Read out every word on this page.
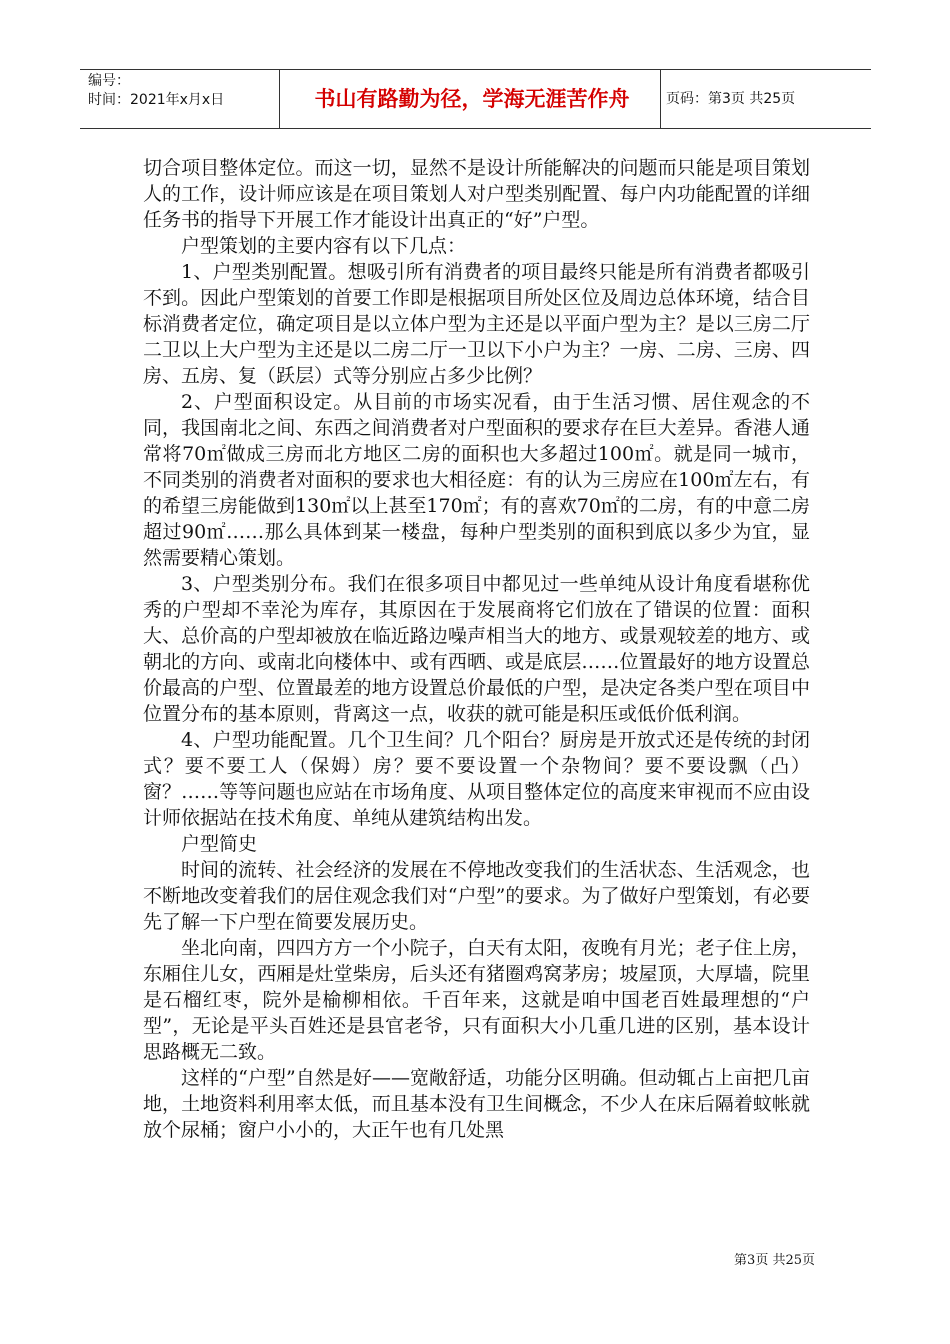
编号：
时间：2021年x月x日	书山有路勤为径，学海无涯苦作舟	页码：第3页 共25页

切合项目整体定位。而这一切，显然不是设计所能解决的问题而只能是项目策划人的工作，设计师应该是在项目策划人对户型类别配置、每户内功能配置的详细任务书的指导下开展工作才能设计出真正的“好”户型。

户型策划的主要内容有以下几点：

1、户型类别配置。想吸引所有消费者的项目最终只能是所有消费者都吸引不到。因此户型策划的首要工作即是根据项目所处区位及周边总体环境，结合目标消费者定位，确定项目是以立体户型为主还是以平面户型为主？是以三房二厅二卫以上大户型为主还是以二房二厅一卫以下小户为主？一房、二房、三房、四房、五房、复（跃层）式等分别应占多少比例？

2、户型面积设定。从目前的市场实况看，由于生活习惯、居住观念的不同，我国南北之间、东西之间消费者对户型面积的要求存在巨大差异。香港人通常将70㎡做成三房而北方地区二房的面积也大多超过100㎡。就是同一城市，不同类别的消费者对面积的要求也大相径庭：有的认为三房应在100㎡左右，有的希望三房能做到130㎡以上甚至170㎡；有的喜欢70㎡的二房，有的中意二房超过90㎡……那么具体到某一楼盘，每种户型类别的面积到底以多少为宜，显然需要精心策划。

3、户型类别分布。我们在很多项目中都见过一些单纯从设计角度看堪称优秀的户型却不幸沦为库存，其原因在于发展商将它们放在了错误的位置：面积大、总价高的户型却被放在临近路边噪声相当大的地方、或景观较差的地方、或朝北的方向、或南北向楼体中、或有西晒、或是底层……位置最好的地方设置总价最高的户型、位置最差的地方设置总价最低的户型，是决定各类户型在项目中位置分布的基本原则，背离这一点，收获的就可能是积压或低价低利润。

4、户型功能配置。几个卫生间？几个阳台？厨房是开放式还是传统的封闭式？要不要工人（保姆）房？要不要设置一个杂物间？要不要设飘（凸）窗？……等等问题也应站在市场角度、从项目整体定位的高度来审视而不应由设计师依据站在技术角度、单纯从建筑结构出发。

户型简史

时间的流转、社会经济的发展在不停地改变我们的生活状态、生活观念，也不断地改变着我们的居住观念我们对“户型”的要求。为了做好户型策划，有必要先了解一下户型在简要发展历史。

坐北向南，四四方方一个小院子，白天有太阳，夜晚有月光；老子住上房，东厢住儿女，西厢是灶堂柴房，后头还有猪圈鸡窝茅房；坡屋顶，大厚墙，院里是石榴红枣，院外是榆柳相依。千百年来，这就是咱中国老百姓最理想的“户型”，无论是平头百姓还是县官老爷，只有面积大小几重几进的区别，基本设计思路概无二致。

这样的“户型”自然是好——宽敞舒适，功能分区明确。但动辄占上亩把几亩地，土地资料利用率太低，而且基本没有卫生间概念，不少人在床后隔着蚊帐就放个尿桶；窗户小小的，大正午也有几处黑

第3页 共25页
